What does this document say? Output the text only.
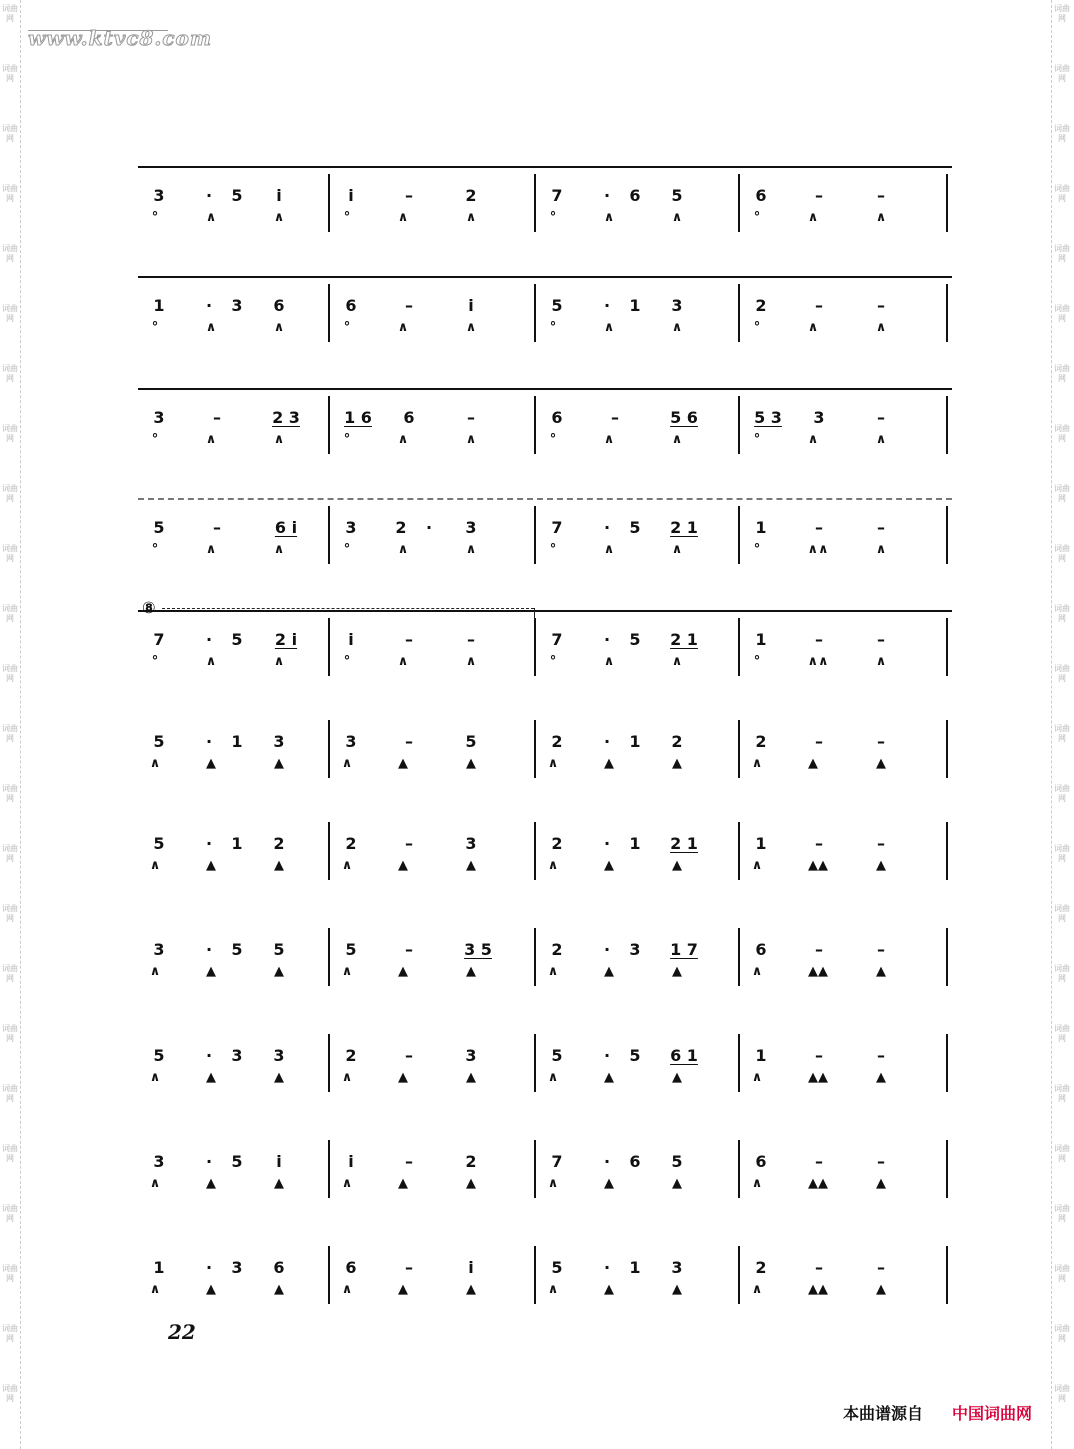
词曲网
词曲网
词曲网
词曲网
词曲网
词曲网
词曲网
词曲网
词曲网
词曲网
词曲网
词曲网
词曲网
词曲网
词曲网
词曲网
词曲网
词曲网
词曲网
词曲网
词曲网
词曲网
词曲网
词曲网
词曲网
词曲网
词曲网
词曲网
词曲网
词曲网
词曲网
词曲网
词曲网
词曲网
词曲网
词曲网
词曲网
词曲网
词曲网
词曲网
词曲网
词曲网
词曲网
词曲网
词曲网
词曲网
词曲网
词曲网
www.ktvc8.com
3	·	5	i
°	∧	∧
i	–	2
°	∧	∧
7	·	6	5
°	∧	∧
6	–	–
°	∧	∧
1	·	3	6
°	∧	∧
6	–	i
°	∧	∧
5	·	1	3
°	∧	∧
2	–	–
°	∧	∧
3	–	2 3
°	∧	∧
1 6	6	–
°	∧	∧
6	–	5 6
°	∧	∧
5 3	3	–
°	∧	∧
5	–	6 i
°	∧	∧
3	2	·	3
°	∧	∧
7	·	5	2 1
°	∧	∧
1	–	–
°	∧∧	∧
7	·	5	2 i
°	∧	∧
i	–	–
°	∧	∧
7	·	5	2 1
°	∧	∧
1	–	–
°	∧∧	∧
5	·	1	3
∧	▲	▲
3	–	5
∧	▲	▲
2	·	1	2
∧	▲	▲
2	–	–
∧	▲	▲
5	·	1	2
∧	▲	▲
2	–	3
∧	▲	▲
2	·	1	2 1
∧	▲	▲
1	–	–
∧	▲▲	▲
3	·	5	5
∧	▲	▲
5	–	3 5
∧	▲	▲
2	·	3	1 7
∧	▲	▲
6	–	–
∧	▲▲	▲
5	·	3	3
∧	▲	▲
2	–	3
∧	▲	▲
5	·	5	6 1
∧	▲	▲
1	–	–
∧	▲▲	▲
3	·	5	i
∧	▲	▲
i	–	2
∧	▲	▲
7	·	6	5
∧	▲	▲
6	–	–
∧	▲▲	▲
1	·	3	6
∧	▲	▲
6	–	i
∧	▲	▲
5	·	1	3
∧	▲	▲
2	–	–
∧	▲▲	▲
⑧
22
本曲谱源自 中国词曲网
